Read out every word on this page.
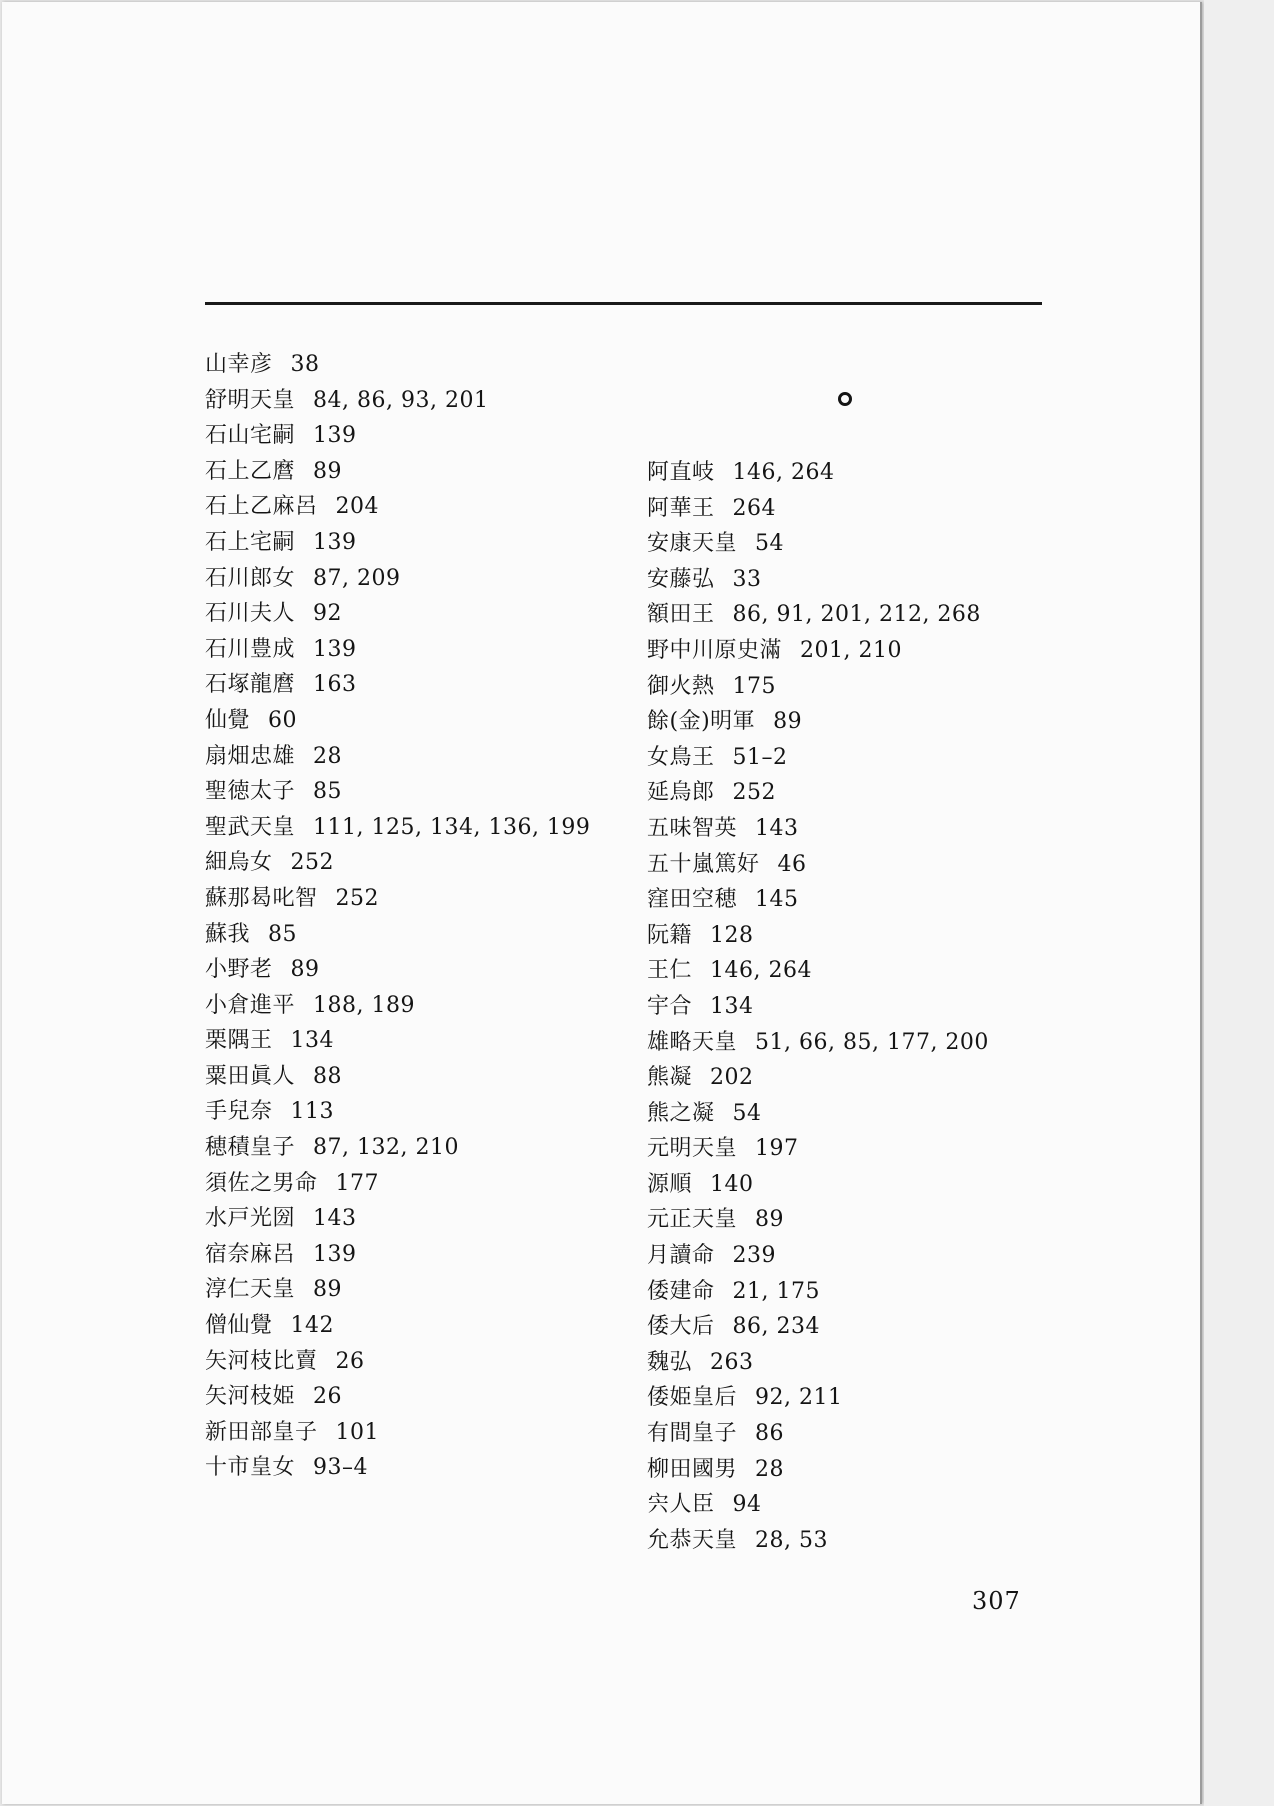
山幸彦 38
舒明天皇 84, 86, 93, 201
石山宅嗣 139
石上乙麿 89
石上乙麻呂 204
石上宅嗣 139
石川郎女 87, 209
石川夫人 92
石川豊成 139
石塚龍麿 163
仙覺 60
扇畑忠雄 28
聖徳太子 85
聖武天皇 111, 125, 134, 136, 199
細烏女 252
蘇那曷叱智 252
蘇我 85
小野老 89
小倉進平 188, 189
栗隅王 134
粟田眞人 88
手兒奈 113
穂積皇子 87, 132, 210
須佐之男命 177
水戸光圀 143
宿奈麻呂 139
淳仁天皇 89
僧仙覺 142
矢河枝比賣 26
矢河枝姫 26
新田部皇子 101
十市皇女 93–4
阿直岐 146, 264
阿華王 264
安康天皇 54
安藤弘 33
額田王 86, 91, 201, 212, 268
野中川原史滿 201, 210
御火熱 175
餘(金)明軍 89
女鳥王 51–2
延烏郎 252
五味智英 143
五十嵐篤好 46
窪田空穂 145
阮籍 128
王仁 146, 264
宇合 134
雄略天皇 51, 66, 85, 177, 200
熊凝 202
熊之凝 54
元明天皇 197
源順 140
元正天皇 89
月讀命 239
倭建命 21, 175
倭大后 86, 234
魏弘 263
倭姫皇后 92, 211
有間皇子 86
柳田國男 28
宍人臣 94
允恭天皇 28, 53
307
